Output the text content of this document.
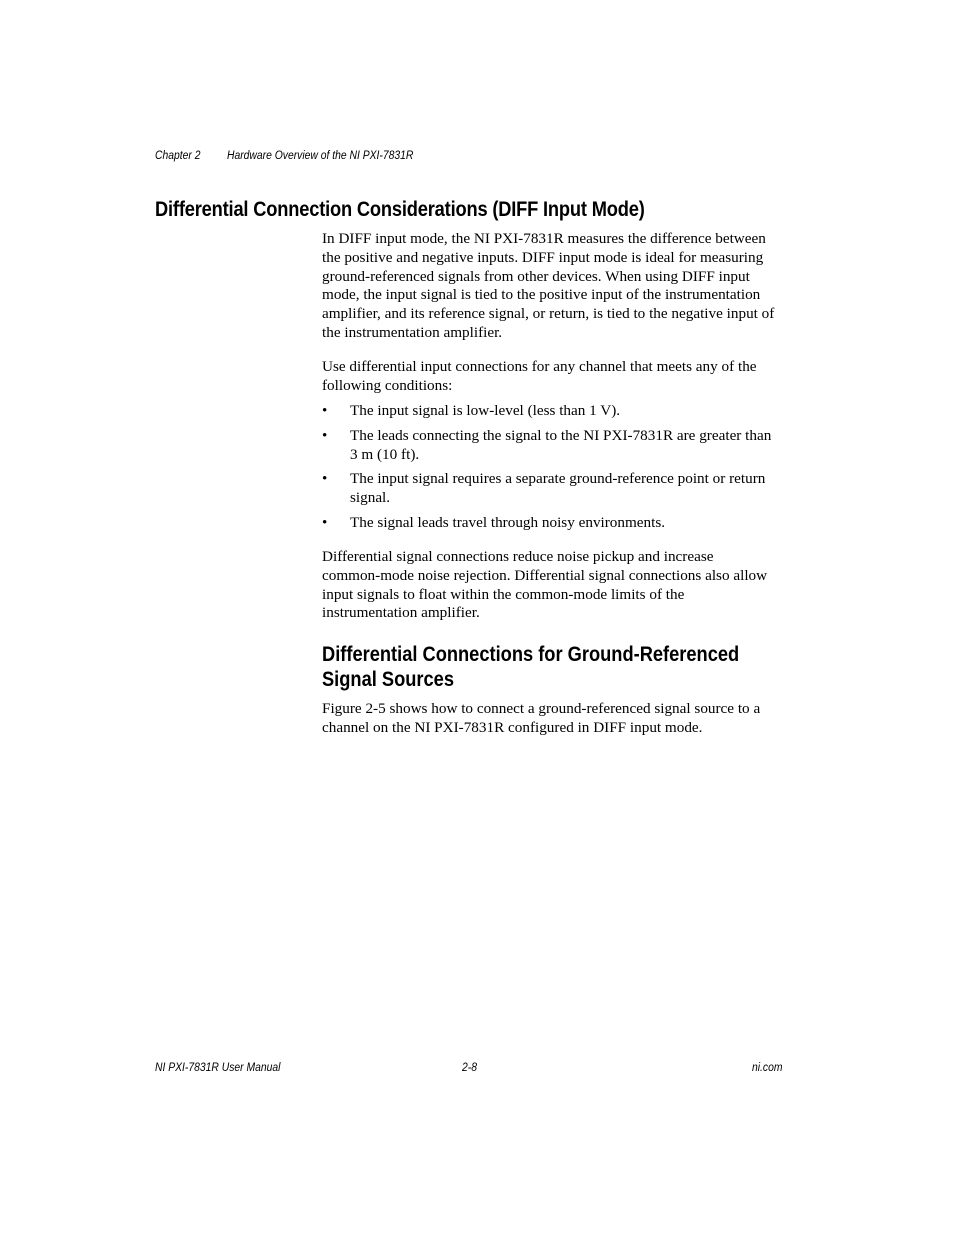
Chapter 2 Hardware Overview of the NI PXI-7831R
Differential Connection Considerations (DIFF Input Mode)

In DIFF input mode, the NI PXI-7831R measures the difference between
the positive and negative inputs. DIFF input mode is ideal for measuring
ground-referenced signals from other devices. When using DIFF input
mode, the input signal is tied to the positive input of the instrumentation
amplifier, and its reference signal, or return, is tied to the negative input of
the instrumentation amplifier.

Use differential input connections for any channel that meets any of the
following conditions:

• The input signal is low-level (less than 1 V).
• The leads connecting the signal to the NI PXI-7831R are greater than
3 m (10 ft).
• The input signal requires a separate ground-reference point or return
signal.
• The signal leads travel through noisy environments.

Differential signal connections reduce noise pickup and increase
common-mode noise rejection. Differential signal connections also allow
input signals to float within the common-mode limits of the
instrumentation amplifier.

Differential Connections for Ground-Referenced
Signal Sources

Figure 2-5 shows how to connect a ground-referenced signal source to a
channel on the NI PXI-7831R configured in DIFF input mode.

NI PXI-7831R User Manual	2-8	ni.com
